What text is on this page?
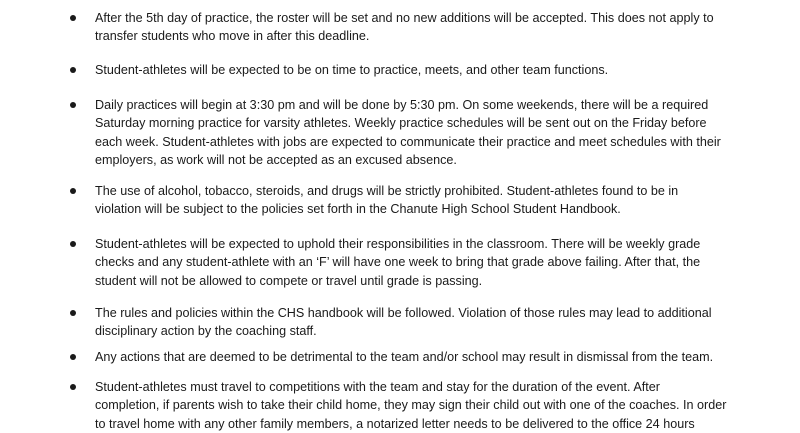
After the 5th day of practice, the roster will be set and no new additions will be accepted. This does not apply to
transfer students who move in after this deadline.
Student-athletes will be expected to be on time to practice, meets, and other team functions.
Daily practices will begin at 3:30 pm and will be done by 5:30 pm. On some weekends, there will be a required
Saturday morning practice for varsity athletes. Weekly practice schedules will be sent out on the Friday before
each week. Student-athletes with jobs are expected to communicate their practice and meet schedules with their
employers, as work will not be accepted as an excused absence.
The use of alcohol, tobacco, steroids, and drugs will be strictly prohibited. Student-athletes found to be in
violation will be subject to the policies set forth in the Chanute High School Student Handbook.
Student-athletes will be expected to uphold their responsibilities in the classroom. There will be weekly grade
checks and any student-athlete with an ‘F’ will have one week to bring that grade above failing. After that, the
student will not be allowed to compete or travel until grade is passing.
The rules and policies within the CHS handbook will be followed. Violation of those rules may lead to additional
disciplinary action by the coaching staff.
Any actions that are deemed to be detrimental to the team and/or school may result in dismissal from the team.
Student-athletes must travel to competitions with the team and stay for the duration of the event. After
completion, if parents wish to take their child home, they may sign their child out with one of the coaches. In order
to travel home with any other family members, a notarized letter needs to be delivered to the office 24 hours
